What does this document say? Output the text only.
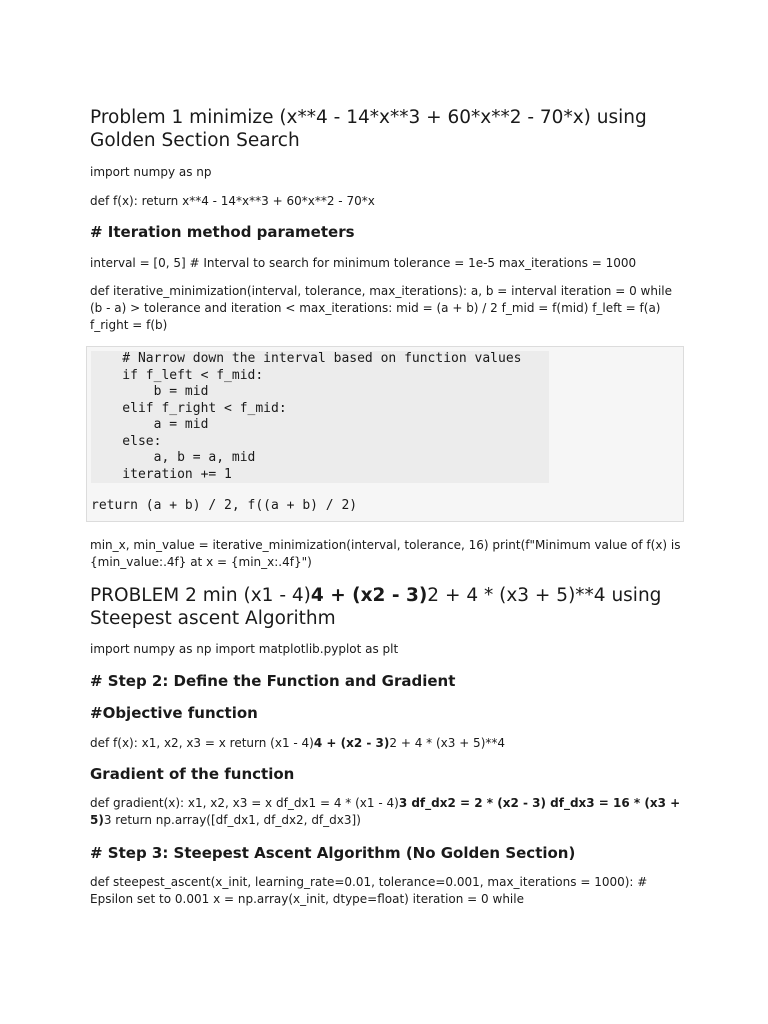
Problem 1 minimize (x**4 - 14*x**3 + 60*x**2 - 70*x) using Golden Section Search

import numpy as np

def f(x): return x**4 - 14*x**3 + 60*x**2 - 70*x

# Iteration method parameters

interval = [0, 5] # Interval to search for minimum tolerance = 1e-5 max_iterations = 1000

def iterative_minimization(interval, tolerance, max_iterations): a, b = interval iteration = 0 while (b - a) > tolerance and iteration < max_iterations: mid = (a + b) / 2 f_mid = f(mid) f_left = f(a) f_right = f(b)

# Narrow down the interval based on function values
if f_left < f_mid:
b = mid
elif f_right < f_mid:
a = mid
else:
a, b = a, mid
iteration += 1
return (a + b) / 2, f((a + b) / 2)

min_x, min_value = iterative_minimization(interval, tolerance, 16) print(f"Minimum value of f(x) is {min_value:.4f} at x = {min_x:.4f}")

PROBLEM 2 min (x1 - 4)4 + (x2 - 3)2 + 4 * (x3 + 5)**4 using Steepest ascent Algorithm

import numpy as np import matplotlib.pyplot as plt

# Step 2: Define the Function and Gradient
#Objective function

def f(x): x1, x2, x3 = x return (x1 - 4)4 + (x2 - 3)2 + 4 * (x3 + 5)**4

Gradient of the function

def gradient(x): x1, x2, x3 = x df_dx1 = 4 * (x1 - 4)3 df_dx2 = 2 * (x2 - 3) df_dx3 = 16 * (x3 + 5)3 return np.array([df_dx1, df_dx2, df_dx3])

# Step 3: Steepest Ascent Algorithm (No Golden Section)

def steepest_ascent(x_init, learning_rate=0.01, tolerance=0.001, max_iterations = 1000): # Epsilon set to 0.001 x = np.array(x_init, dtype=float) iteration = 0 while
